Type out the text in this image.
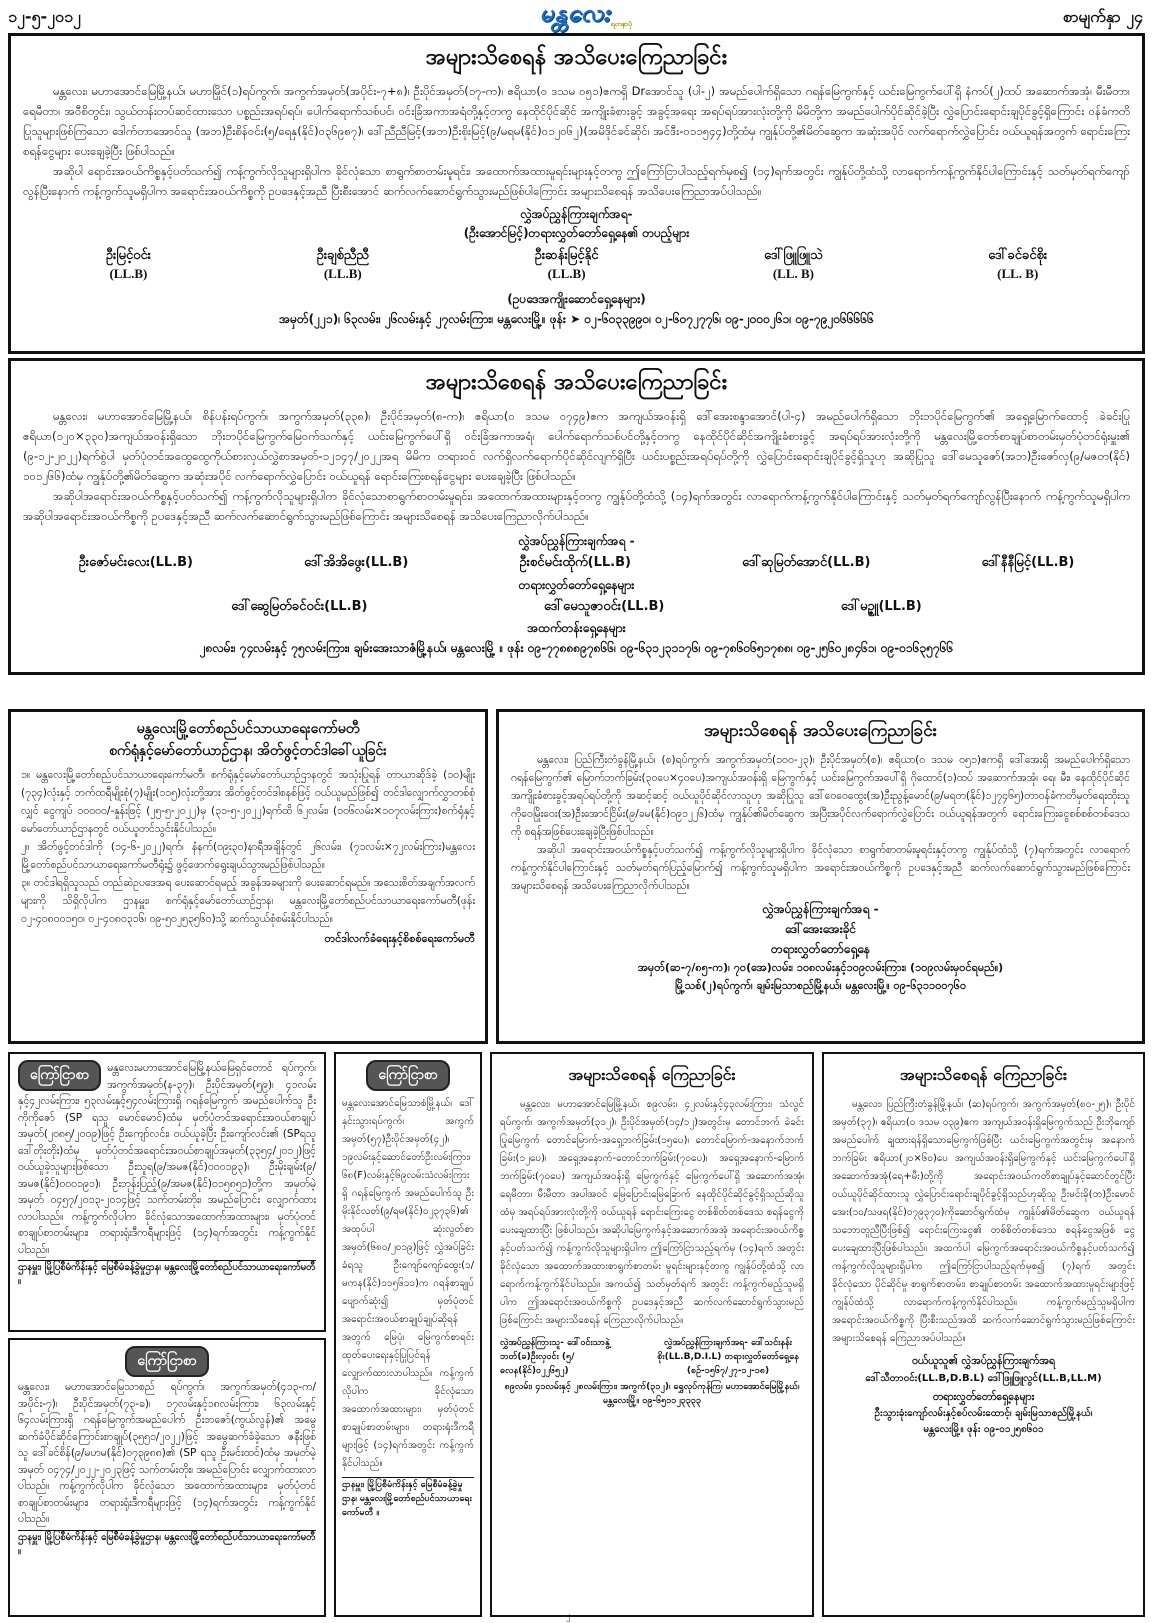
၁၂-၅-၂၀၁၂	မန္တလေး ရတနာပုံ	စာမျက်နှာ ၂၄
အများသိစေရန် အသိပေးကြေညာခြင်း

မန္တလေး၊ မဟာအောင်မြေမြို့နယ်၊ မဟာမြိုင်(၁)ရပ်ကွက်၊ အကွက်အမှတ်(အပိုင်း-၇+၈)၊ ဦးပိုင်အမှတ်(၁၇-က)၊ ဧရိယာ(၀ ဒသမ ၀၅၁)ဧကရှိ Drအောင်သူ (ပါ-၂) အမည်ပေါက်ရှိသော ဂရန်မြေကွက်နှင့် ယင်းမြေကွက်ပေါ်ရှိ နံကပ်(၂)ထပ် အဆောက်အအုံ၊ မီးမီတာ၊ ရေမီတာ၊ အဝီစိတွင်း၊ သွယ်တန်းတပ်ဆင်ထားသော ပစ္စည်းအရပ်ရပ်၊ ပေါက်ရောက်သစ်ပင်၊ ဝင်းခြံအကာအရံတို့နှင့်တကွ နေထိုင်ပိုင်ဆိုင် အကျိုးခံစားခွင့် အခွင့်အရေး အရပ်ရပ်အားလုံးတို့ကို မိမိတို့က အမည်ပေါက်ပိုင်ဆိုင်ခဲ့ပြီး လွှဲပြောင်းရောင်းချပိုင်ခွင့်ရှိကြောင်း ဝန်ခံကတိပြုသူများဖြစ်ကြသော ဒေါက်တာအောင်သူ (အဘ)ဦးစိန်ဝင်း(၅/ရေနှ(နိုင်)၀၃၆၉၈၇)၊ ဒေါ်ညီညီမြင့်(အဘ)ဦးစိုးမြင့်(၉/မရမ(နိုင်)၀၁၂၀၆၂)(အမိဒိုင်ခင်ဆိုင်၊ အင်ဒီး-၀၁၁၅၄၄)တို့ထံမှ ကျွန်ုပ်တို့၏မိတ်ဆွေက အဆုံးအပိုင် လက်ရောက်လွှဲပြောင်း ဝယ်ယူရန်အတွက် ရောင်းကြေးစရန်ငွေများ ပေးချေခဲ့ပြီး ဖြစ်ပါသည်။

အဆိုပါ ရောင်းအဝယ်ကိစ္စနှင့်ပတ်သက်၍ ကန့်ကွက်လိုသူများရှိပါက ခိုင်လုံသော စာရွက်စာတမ်းမူရင်း၊ အထောက်အထားမူရင်းများနှင့်တကွ ဤကြော်ငြာပါသည့်ရက်မှစ၍ (၁၄)ရက်အတွင်း ကျွန်ုပ်တို့ထံသို့ လာရောက်ကန့်ကွက်နိုင်ပါကြောင်းနှင့် သတ်မှတ်ရက်ကျော်လွန်ပြီးနောက် ကန့်ကွက်သူမရှိပါက အရောင်းအဝယ်ကိစ္စကို ဥပဒေနှင့်အညီ ပြီးစီးအောင် ဆက်လက်ဆောင်ရွက်သွားမည်ဖြစ်ပါကြောင်း အများသိစေရန် အသိပေးကြေညာအပ်ပါသည်။

လွှဲအပ်ညွှန်ကြားချက်အရ-
(ဦးအောင်မြင့်)တရားလွှတ်တော်ရှေ့နေ၏ တပည့်များ
ဦးမြင့်ဝင်း
(LL.B)
ဦးချစ်ညီညီ
(LL.B)
ဦးဆန်းမြင့်နိုင်
(LL.B)
ဒေါ်ဖြူဖြူသဲ
(LL. B)
ဒေါ်ခင်ခင်စိုး
(LL. B)
(ဥပဒေအကျိုးဆောင်ရှေ့နေများ)
အမှတ်(၂၂၁)၊ ၆၃လမ်း၊ ၂၆လမ်းနှင့် ၂၇လမ်းကြား၊ မန္တလေးမြို့။ ဖုန်း ➤ ၀၂-၆၀၃၃၉၉၀၊ ၀၂-၆၀၇၂၇၇၆၊ ၀၉-၂၀၀၀၂၆၁၊ ၀၉-၇၉၂၀၆၆၆၆၆
အများသိစေရန် အသိပေးကြေညာခြင်း

မန္တလေး၊ မဟာအောင်မြေမြို့နယ်၊ စိန်ပန်းရပ်ကွက်၊ အကွက်အမှတ်(၃၃၈)၊ ဦးပိုင်အမှတ်(၈-က)၊ ဧရိယာ(၀ ဒသမ ၀၇၄၉)ဧက အကျယ်အဝန်းရှိ ဒေါ်အေးစန္ဒာအောင်(ပါ-၄) အမည်ပေါက်ရှိသော ဘိုးဘပိုင်မြေကွက်၏ အရှေ့မြောက်ထောင့် ခဲခင်းပြုဧရိယာ(၁၂၀×၃၃၀)အကျယ်အဝန်းရှိသော ဘိုးဘပိုင်မြေကွက်မြေဝက်သက်နှင့် ယင်းမြေကွက်ပေါ်ရှိ ဝင်းခြံအကာအရံ၊ ပေါက်ရောက်သစ်ပင်တို့နှင့်တကွ နေထိုင်ပိုင်ဆိုင်အကျိုးခံစားခွင့် အရပ်ရပ်အားလုံးတို့ကို မန္တလေးမြို့တော်စာချုပ်စာတမ်းမှတ်ပုံတင်ရုံးမှူး၏ (၉-၁၂-၂၀၂၂)ရက်စွဲပါ မှတ်ပုံတင်အထွေထွေကိုယ်စားလှယ်လွှဲစာအမှတ်-၁၂၁၄၇/၂၀၂၂အရ မိမိက တရားဝင် လက်ရှိလက်ရောက်ပိုင်ဆိုင်လျက်ရှိပြီး ယင်းပစ္စည်းအရပ်ရပ်တို့ကို လွှဲပြောင်းရောင်းချပိုင်ခွင့်ရှိသူဟု အဆိုပြုသူ ဒေါ်မေသူဇော်(အဘ)ဦးဇော်လှ(၉/မဇတ(နိုင်) ၁၀၁၂၆၆)ထံမှ ကျွန်ုပ်တို့၏မိတ်ဆွေက အဆုံးအပိုင် လက်ရောက်လွှဲပြောင်း ဝယ်ယူရန် ရောင်းကြေးစရန်ငွေများ ပေးချေခဲ့ပြီး ဖြစ်ပါသည်။

အဆိုပါအရောင်းအဝယ်ကိစ္စနှင့်ပတ်သက်၍ ကန့်ကွက်လိုသူများရှိပါက ခိုင်လုံသောစာရွက်စာတမ်းမူရင်း၊ အထောက်အထားများနှင့်တကွ ကျွန်ုပ်တို့ထံသို့ (၁၄)ရက်အတွင်း လာရောက်ကန့်ကွက်နိုင်ပါကြောင်းနှင့် သတ်မှတ်ရက်ကျော်လွန်ပြီးနောက် ကန့်ကွက်သူမရှိပါက အဆိုပါအရောင်းအဝယ်ကိစ္စကို ဥပဒေနှင့်အညီ ဆက်လက်ဆောင်ရွက်သွားမည်ဖြစ်ကြောင်း အများသိစေရန် အသိပေးကြေညာလိုက်ပါသည်။

လွှဲအပ်ညွှန်ကြားချက်အရ -
ဦးဇော်မင်းလေး(LL.B)	ဒေါ်အိအိဖွေး(LL.B)	ဦးစင်မင်းထိုက်(LL.B)	ဒေါ်ဆုမြတ်အောင်(LL.B)	ဒေါ်နီနီမြင့်(LL.B)
တရားလွှတ်တော်ရှေ့နေများ
ဒေါ်ဆွေမြတ်ခင်ဝင်း(LL.B)	ဒေါ်မေသူဇာဝင်း(LL.B)	ဒေါ်မဥ္ဇူ(LL.B)
အထက်တန်းရှေ့နေများ
၂၈လမ်း၊ ၇၄လမ်းနှင့် ၇၅လမ်းကြား၊ ချမ်းအေးသာဇံမြို့နယ်၊ မန္တလေးမြို့ ။ ဖုန်း ၀၉-၇၇၈၈၈၉၇၈၆၆၊ ၀၉-၆၃၁၂၃၁၁၇၆၊ ၀၉-၇၈၆၀၆၅၁၇၈၈၊ ၀၉-၂၅၆၀၂၈၄၆၁၊ ၀၉-၀၁၆၃၅၇၆၆
မန္တလေးမြို့တော်စည်ပင်သာယာရေးကော်မတီ
စက်ရုံနှင့်မော်တော်ယာဉ်ဌာန၊ အိတ်ဖွင့်တင်ဒါခေါ်ယူခြင်း

၁။ မန္တလေးမြို့တော်စည်ပင်သာယာရေးကော်မတီ၊ စက်ရုံနှင့်မော်တော်ယာဉ်ဌာနတွင် အသုံးပြုရန် တာယာဆိုဒ်ခဲ့ (၁၀)မျိုး (၇၃၄)လုံးနှင့် ဘက်ထရီမျိုးစုံ(၇)မျိုး(၁၁၅)လုံးတို့အား အိတ်ဖွင့်တင်ဒါစနစ်ဖြင့် ဝယ်ယူမည်ဖြစ်၍ တင်ဒါလျှောက်လွှာတစ်စုံလျှင် ငွေကျပ် ၁၀၀၀၀/-နှုန်းဖြင့် (၂၅-၅-၂၀၂၂)မှ (၃၁-၅-၂၀၂၂)ရက်ထိ ၆၂လမ်း၊ (၁၀၆လမ်း×၁၀၇လမ်းကြား)စက်ရုံနှင့်မော်တော်ယာဉ်ဌာနတွင် ဝယ်ယူတင်သွင်းနိုင်ပါသည်။

၂။ အိတ်ဖွင့်တင်ဒါကို (၁၄-၆-၂၀၂၂)ရက်၊ နံနက်(၀၉း၃၀)နာရီအချိန်တွင် ၂၆လမ်း၊ (၇၁လမ်း×၇၂လမ်းကြား)မန္တလေးမြို့တော်စည်ပင်သာယာရေးကော်မတီရုံး၌ ဖွင့်ဖောက်ရွေးချယ်သွားမည်ဖြစ်ပါသည်။

၃။ တင်ဒါရရှိသူသည် တည်ဆဲဥပဒေအရ ပေးဆောင်ရမည့် အခွန်အခများကို ပေးဆောင်ရမည်။ အသေးစိတ်အချက်အလက်များကို သိရှိလိုပါက ဌာနမှူး၊ စက်ရုံနှင့်မော်တော်ယာဉ်ဌာန၊ မန္တလေးမြို့တော်စည်ပင်သာယာရေးကော်မတီ(ဖုန်း ၀၂-၄၀၈၀၀၁၅၀၊ ၀၂-၄၀၈၀၃၁၆၊ ၀၉-၅၀၂၅၃၅၆၀)သို့ ဆက်သွယ်စုံစမ်းနိုင်ပါသည်။

တင်ဒါလက်ခံရေးနှင့်စိစစ်ရေးကော်မတီ
အများသိစေရန် အသိပေးကြေညာခြင်း

မန္တလေး၊ ပြည်ကြီးတံခွန်မြို့နယ်၊ (စ)ရပ်ကွက်၊ အကွက်အမှတ်(၁၀၀-၂၃)၊ ဦးပိုင်အမှတ်(စ)၊ ဧရိယာ(၀ ဒသမ ၀၅၁)ဧကရှိ ဒေါ်အေးရှိ အမည်ပေါက်ရှိသော ဂရန်မြေကွက်၏ မြောက်ဘက်ခြမ်း(၃၀ပေ×၄၀ပေ)အကျယ်အဝန်းရှိ မြေကွက်နှင့် ယင်းမြေကွက်အပေါ်ရှိ ဂိုထောင်(၁)ထပ် အဆောက်အအုံ၊ ရေ၊ မီး၊ နေထိုင်ပိုင်ဆိုင်အကျိုးခံစားခွင့်အရပ်ရပ်တို့ကို အဆင့်ဆင့် ဝယ်ယူပိုင်ဆိုင်လာသူဟု အဆိုပြုသူ ဒေါ်ဝေဝေထွေး(အ)ဦးညွန့်မောင်(၉/မရတ(နိုင်)၁၂၇၄၆၅)တာဝန်ခံကတိမှတ်ရေးထိုးသူကိုဝေမြိုးဝေး(အ)ဦးအောင်ငြိမ်း(၉/ခမ(နိုင်)၀၉၁၂၂၆)ထံမှ ကျွန်ုပ်၏မိတ်ဆွေက အပြီးအပိုင်လက်ရောက်လွှဲပြောင်း ဝယ်ယူရန်အတွက် ရောင်းကြေးငွေစစ်စစ်တစ်ဒေသကို စရန်အဖြစ်ပေးချေခဲ့ပြီးဖြစ်ပါသည်။

အဆိုပါ အရောင်းအဝယ်ကိစ္စနှင့်ပတ်သက်၍ ကန့်ကွက်လိုသူများရှိပါက ခိုင်လုံသော စာရွက်စာတမ်းမူရင်းနှင့်တကွ ကျွန်ုပ်ထံသို့ (၇)ရက်အတွင်း လာရောက်ကန့်ကွက်နိုင်ပါကြောင်းနှင့် သတ်မှတ်ရက်ပြည့်မြောက်၍ ကန့်ကွက်သူမရှိပါက အရောင်းအဝယ်ကိစ္စကို ဥပဒေနှင့်အညီ ဆက်လက်ဆောင်ရွက်သွားမည်ဖြစ်ကြောင်း အများသိစေရန် အသိပေးကြေညာလိုက်ပါသည်။

လွှဲအပ်ညွှန်ကြားချက်အရ -
ဒေါ်အေးအေးခိုင်
တရားလွှတ်တော်ရှေ့နေ
အမှတ်(ဆ-၇/၈၅-က)၊ ၇၀(အေ)လမ်း၊ ၁၀၈လမ်းနှင့်၁၀၉လမ်းကြား၊ (၁၀၉လမ်းမှဝင်ရမည်။)
မြို့သစ်(၂)ရပ်ကွက်၊ ချမ်းမြသာစည်မြို့နယ်၊ မန္တလေးမြို့။ ၀၉-၆၃၁၁၀၀၇၆၀
ကြော်ငြာစာ	မန္တလေးမဟာအောင်မြေမြို့နယ်မြေရှင်တောင် ရပ်ကွက်၊ အကွက်အမှတ်(န-၃၇)၊ ဦးပိုင်အမှတ်(၅၉)၊ ၄၁လမ်းနှင့်၄၂လမ်းကြား၊ ၅၃လမ်းနှင့်၅၄လမ်းကြားရှိ ဂရန်မြေကွက် အမည်ပေါက်သူ ဦးကိုကိုဇော် (SP ရသူ မောင်မောင်)ထံမှ မှတ်ပုံတင်အရောင်းအဝယ်စာချုပ်အမှတ်(၂၀၈၅/၂၀၀၉)ဖြင့် ဦးကျော်လင်း၊ ဝယ်ယူခဲ့ပြီး ဦးကျော်လင်း၏ (SPရသူ ဒေါ်တိုးတိုး)ထံမှ မှတ်ပုံတင်အရောင်းအဝယ်စာချုပ်အမှတ်(၃၃၅၄/၂၀၁၂)ဖြင့် ဝယ်ယူခဲ့သူများဖြစ်သော ဦးသူရ(၉/အမဇ(နိုင်)၀၀၀၁၉၃)၊ ဦးမိုးချမ်း(၉/အမဇ(နိုင်)၀၀၀၁၉၁)၊ ဦးဘုန်းပြည့်(၉/အမဇ(နိုင်)၀၁၅၈၅၁)တို့က အမှတ်မဲ့အမှတ် ၀၄၅၇/၂၀၁၃-၂၀၁၄ဖြင့် သက်တမ်းတိုး၊ အမည်ပြောင်း လျှောက်ထားလာပါသည်။ ကန့်ကွက်လိုပါက ခိုင်လုံသောအထောက်အထားများ၊ မှတ်ပုံတင်စာချုပ်စာတမ်းများ၊ တရားရုံးဒီကရီများဖြင့် (၁၄)ရက်အတွင်း ကန့်ကွက်နိုင်ပါသည်။

ဌာနမှူး၊ မြို့ပြစီမံကိန်းနှင့် မြေစီမံခန့်ခွဲမှုဌာန၊ မန္တလေးမြို့တော်စည်ပင်သာယာရေးကော်မတီ ။
ကြော်ငြာစာ

မန္တလေး၊ မဟာအောင်မြေသာစည် ရပ်ကွက်၊ အကွက်အမှတ်(၄၁၃-က/အပိုင်း-၇)၊ ဦးပိုင်အမှတ်(၇၃-ခ)၊ ၁၇လမ်းနှင့်၁၈လမ်းကြား၊ ၆၃လမ်းနှင့် ၆၄လမ်းကြားရှိ ဂရန်မြေကွက်အမည်ပေါက် ဦးဘဇော်(ကွယ်လွန်)၏ အမွေဆက်ခံပိုင်ဆိုင်ကြောင်းစာချုပ်(၃၅၅၁/၂၀၂၂)ဖြင့် အမွေဆက်ခံခဲ့သော ဇနီးဖြစ်သူ ဒေါ်ခင်စိန်(၉/မဟမ(နိုင်)၀၇၃၉၈၈)၏ (SP ရသူ ဦးမင်းထင်)ထံမှ အမှတ်မဲ့အမှတ် ၀၄၇၄/၂၀၂၂-၂၀၂၃ဖြင့် သက်တမ်းတိုး၊ အမည်ပြောင်း လျှောက်ထားလာပါသည်။ ကန့်ကွက်လိုပါက ခိုင်လုံသော အထောက်အထားများ၊ မှတ်ပုံတင် စာချုပ်စာတမ်းများ၊ တရားရုံးဒီကရီများဖြင့် (၁၄)ရက်အတွင်း ကန့်ကွက်နိုင်ပါသည်။

ဌာနမှူး၊ မြို့ပြစီမံကိန်းနှင့် မြေစီမံခန့်ခွဲမှုဌာန၊ မန္တလေးမြို့တော်စည်ပင်သာယာရေးကော်မတီ ။
ကြော်ငြာစာ

မန္တလေးအောင်မြေသာစံမြို့နယ်၊ ဒေါ်နှင်းသွားရပ်ကွက်၊ အကွက်အမှတ်(၅၇)ဦးပိုင်အမှတ်(၄၂)၊ ၁၉လမ်းနှင့်ဆောင်တော်ဦးလမ်းကြား၊၆၈(F)လမ်းနှင့်၆၉လမ်းသံလမ်းကြားရှိ ဂရန်မြေကွက် အမည်ပေါက်သူ ဦးမိုးနိုင်လတ်(၉/ရမ(နိုင်)၀၂၃၇၃၆)၏ အထုပ်ပါ ဆုံးလွတ်စာအမှတ်(၆၈၀/၂၀၁၉)ဖြင့် လွှဲအပ်ခြင်းခံရသူ ဦးကျော်ကျော်ထွေး(၁/မကန(နိုင်)၁၁၅၆၁၁)က ဂရန်စာချုပ်ပျောက်ဆုံး၍ မှတ်ပုံတင်အရောင်းအဝယ်စာချုပ်ချုပ်ဆိုရန်အတွက် မြေပုံ၊ မြေကွက်စာရင်းထုတ်ပေးရေးနှင့်ပြုပြင်ရန် လျှောက်ထားလာပါသည်။ ကန့်ကွက်လိုပါက ခိုင်လုံသောအထောက်အထားများ၊ မှတ်ပုံတင်စာချုပ်စာတမ်းများ၊ တရားရုံးဒီကရီများဖြင့် (၁၄)ရက်အတွင်း ကန့်ကွက်နိုင်ပါသည်။

ဌာနမှူး၊ မြို့ပြစီမံကိန်းနှင့် မြေစီမံခန့်ခွဲမှုဌာန၊ မန္တလေးမြို့တော်စည်ပင်သာယာရေးကော်မတီ ။
အများသိစေရန် ကြေညာခြင်း

မန္တလေး၊ မဟာအောင်မြေမြို့နယ်၊ စ၉လမ်း၊ ၄၂လမ်းနှင့်၄၃လမ်းကြား၊ သံလွင်ရပ်ကွက်၊ အကွက်အမှတ်(၃၁၂)၊ ဦးပိုင်အမှတ်(၁၄/၁၂)အတွင်းမှ တောင်ဘက် ခဲခင်းပြုမြေကွက် တောင်မြောက်-အရှေ့ဘက်ခြမ်း(၁၅ပေ)၊ တောင်မြောက်-အနောက်ဘက်ခြမ်း(၁၂ပေ)၊ အရှေ့အနောက်-တောင်ဘက်ခြမ်း(၇၀ပေ)၊ အရှေ့အနောက်-မြောက်ဘက်ခြမ်း(၇၀ပေ) အကျယ်အဝန်းရှိ မြေကွက်နှင့် မြေကွက်ပေါ်ရှိ အဆောက်အအုံ၊ ရေမီတာ၊ မီးမီတာ အပါအဝင် မြေပြောင်းမြေခြောက် နေထိုင်ပိုင်ဆိုင်ခွင့်ရှိသည်ဆိုသူ ထံမှ အရပ်ရပ်အားလုံးတို့ကို ဝယ်ယူရန် ရောင်းကြေးငွေ တစ်စိတ်တစ်ဒေသ စရန်ငွေကို ပေးချေထားပြီး ဖြစ်ပါသည်။ အဆိုပါမြေကွက်နှင့်အဆောက်အအုံ အရောင်းအဝယ်ကိစ္စနှင့်ပတ်သက်၍ ကန့်ကွက်လိုသူများရှိပါက ဤကြော်ငြာသည့်ရက်မှ (၁၄)ရက် အတွင်း ခိုင်လုံသော အထောက်အထားစာရွက်စာတမ်း မူရင်းများနှင့်တကွ ကျွန်ုပ်တို့ထံသို့ လာရောက်ကန့်ကွက်နိုင်ပါသည်။ အကယ်၍ သတ်မှတ်ရက် အတွင်း ကန့်ကွက်မည့်သူမရှိပါက ဤအရောင်းအဝယ်ကိစ္စကို ဥပဒေနှင့်အညီ ဆက်လက်ဆောင်ရွက်သွားမည်ဖြစ်ကြောင်း အများသိစေရန် ကြေညာလိုက်ပါသည်။

လွှဲအပ်ညွှန်ကြား‌သူ- ဒေါ်ဝင်းသာနွဲ့ဘတ်(ခ)ဦးလှဝင်း (၅/ဓလန(နိုင်)၀၂၂၆၅၂)
လွှဲအပ်ညွှန်ကြားချက်အရ- ဒေါ်သင်းနန်းစိုး(LL.B,D.I.L) တရားလွှတ်တော်ရှေ့နေ (စဥ်-၁၅၆၇/၂၇-၁၂-၁၈)
၈၉လမ်း၊ ၄၁လမ်းနှင့် ၂၈လမ်းကြား၊ အကွက်(၃၁၂)၊ ရွှေလုပ်ကုန်ကြ၊ မဟာအောင်မြေမြို့နယ်၊ မန္တလေးမြို့။ ၀၉-၆၅၁၁၂၃၃၃၃
အများသိစေရန် ကြေညာခြင်း

မန္တလေး၊ ပြည်ကြီးတံခွန်မြို့နယ်၊ (ဆ)ရပ်ကွက်၊ အကွက်အမှတ်(၈၀-၂၅)၊ ဦးပိုင်အမှတ်(၃၇)၊ ဧရိယာ(၀ ဒသမ ၀၃၉)ဧက အကျယ်အဝန်းရှိမြေကွက်သည် ဦးဘိုကျော် အမည်ပေါက် ချထားရန်ရှိသောမြေကွက်ဖြစ်ပြီး ယင်းမြေကွက်အတွင်းမှ အနောက်ဘက်ခြမ်း ဧရိယာ(၂၀×၆၀)ပေ အကျယ်အဝန်းရှိမြေကွက်နှင့် ယင်းမြေကွက်ပေါ်ရှိ အဆောက်အအုံ(ရေ+မီး)တို့ကို အရောင်းအဝယ်ကတိစာချုပ်နှင့်ဆောင်တွင်ပြီး ဝယ်ယူပိုင်ဆိုင်ထားသူ လွှဲပြောင်းရောင်းချပိုင်ခွင့်ရှိသည်ဟုဆိုသူ ဦးမင်းခို(ဘ)ဦးမောင်အေး(၁၀/သဖရ(နိုင်)၀၇၉၃၇၀)ကိုဆောင်ရွက်ထံမှ ကျွန်ုပ်၏မိတ်ဆွေက ဝယ်ယူရန် သဘောတူညီပြီးဖြစ်၍ ရောင်းကြေးငွေ၏ တစ်စိတ်တစ်ဒေသ စရန်ငွေအဖြစ် ငွေ ပေးချေထားပြီးဖြစ်ပါသည်။ အထက်ပါ မြေကွက်အရောင်းအဝယ်ကိစ္စနှင့်ပတ်သက်၍ ကန့်ကွက်လိုသူများရှိပါက ဤကြော်ငြာပါသည့်ရက်မှစ၍ (၇)ရက် အတွင်း ခိုင်လုံသော ပိုင်ဆိုင်မှု စာရွက်စာတမ်း၊ စာချုပ်စာတမ်း အထောက်အထားမူရင်းများဖြင့် ကျွန်ုပ်ထံသို့ လာရောက်ကန့်ကွက်နိုင်ပါသည်။ ကန့်ကွက်မည့်သူမရှိပါက အရောင်းအဝယ်ကိစ္စကို ပြီးစီးသည်အထိ ဆက်လက်ဆောင်ရွက်သွားမည်ဖြစ်ကြောင်း အများသိစေရန် ကြေညာအပ်ပါသည်။

ဝယ်ယူသူ၏ လွှဲအပ်ညွှန်ကြားချက်အရ
ဒေါ်သီတာဝင်း(LL.B,D.B.L) ဒေါ်ဖြူဖြူလွင်(LL.B,LL.M)
တရားလွှတ်တော်ရှေ့နေများ
ဦးသွားခုံးကျော်လမ်းနှင့်စပ်လမ်းထောင့်၊ ချမ်းမြသာစည်မြို့နယ်၊
မန္တလေးမြို့။ ဖုန်း ၀၉-၀၁၂၅၈၆၀၁
၂
